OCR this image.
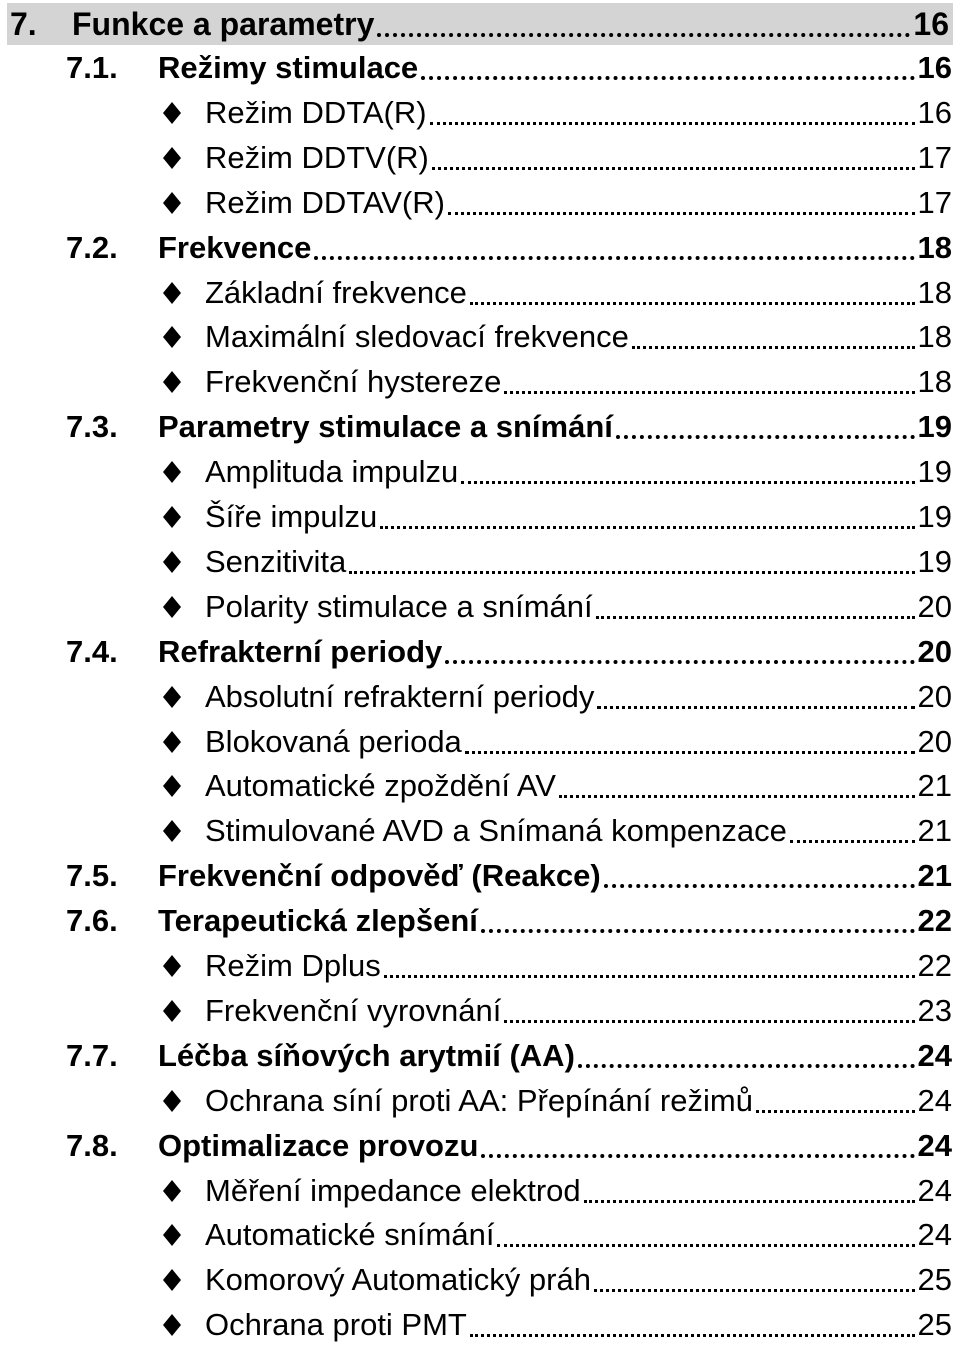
7.	Funkce a parametry	16
7.1.	Režimy stimulace	16
Režim DDTA(R)	16
Režim DDTV(R)	17
Režim DDTAV(R)	17
7.2.	Frekvence	18
Základní frekvence	18
Maximální sledovací frekvence	18
Frekvenční hystereze	18
7.3.	Parametry stimulace a snímání	19
Amplituda impulzu	19
Šíře impulzu	19
Senzitivita	19
Polarity stimulace a snímání	20
7.4.	Refrakterní periody	20
Absolutní refrakterní periody	20
Blokovaná perioda	20
Automatické zpoždění AV	21
Stimulované AVD a Snímaná kompenzace	21
7.5.	Frekvenční odpověď (Reakce)	21
7.6.	Terapeutická zlepšení	22
Režim Dplus	22
Frekvenční vyrovnání	23
7.7.	Léčba síňových arytmií (AA)	24
Ochrana síní proti AA: Přepínání režimů	24
7.8.	Optimalizace provozu	24
Měření impedance elektrod	24
Automatické snímání	24
Komorový Automatický práh	25
Ochrana proti PMT	25
